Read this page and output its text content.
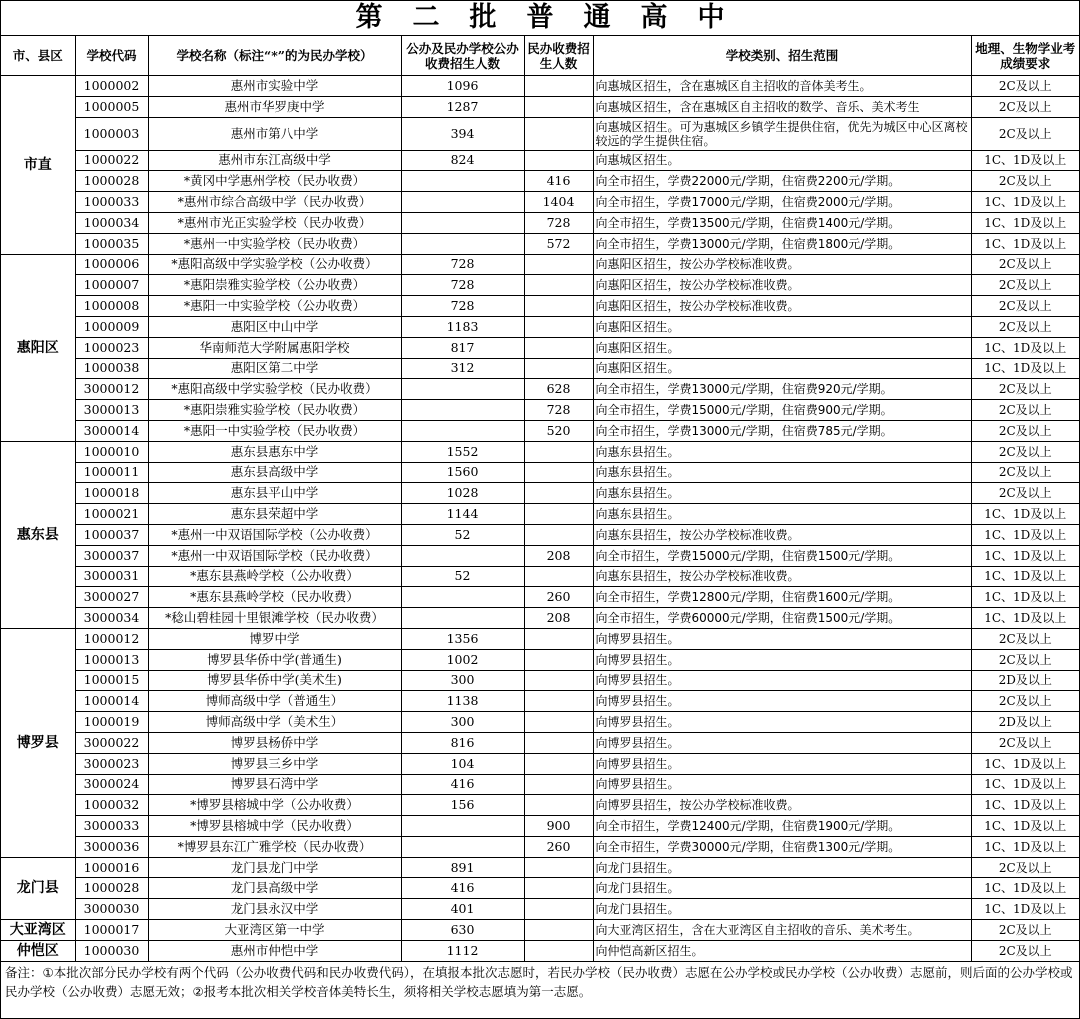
第二批普通高中
市、县区	学校代码	学校名称（标注“*”的为民办学校）	公办及民办学校公办收费招生人数	民办收费招生人数	学校类别、招生范围	地理、生物学业考成绩要求
市直	1000002	惠州市实验中学	1096		向惠城区招生，含在惠城区自主招收的音体美考生。	2C及以上
	1000005	惠州市华罗庚中学	1287		向惠城区招生，含在惠城区自主招收的数学、音乐、美术考生	2C及以上
	1000003	惠州市第八中学	394		向惠城区招生。可为惠城区乡镇学生提供住宿，优先为城区中心区离校较远的学生提供住宿。	2C及以上
	1000022	惠州市东江高级中学	824		向惠城区招生。	1C、1D及以上
	1000028	*黄冈中学惠州学校（民办收费）		416	向全市招生，学费22000元/学期，住宿费2200元/学期。	2C及以上
	1000033	*惠州市综合高级中学（民办收费）		1404	向全市招生，学费17000元/学期，住宿费2000元/学期。	1C、1D及以上
	1000034	*惠州市光正实验学校（民办收费）		728	向全市招生，学费13500元/学期，住宿费1400元/学期。	1C、1D及以上
	1000035	*惠州一中实验学校（民办收费）		572	向全市招生，学费13000元/学期，住宿费1800元/学期。	1C、1D及以上
惠阳区	1000006	*惠阳高级中学实验学校（公办收费）	728		向惠阳区招生，按公办学校标准收费。	2C及以上
	1000007	*惠阳崇雅实验学校（公办收费）	728		向惠阳区招生，按公办学校标准收费。	2C及以上
	1000008	*惠阳一中实验学校（公办收费）	728		向惠阳区招生，按公办学校标准收费。	2C及以上
	1000009	惠阳区中山中学	1183		向惠阳区招生。	2C及以上
	1000023	华南师范大学附属惠阳学校	817		向惠阳区招生。	1C、1D及以上
	1000038	惠阳区第二中学	312		向惠阳区招生。	1C、1D及以上
	3000012	*惠阳高级中学实验学校（民办收费）		628	向全市招生，学费13000元/学期，住宿费920元/学期。	2C及以上
	3000013	*惠阳崇雅实验学校（民办收费）		728	向全市招生，学费15000元/学期，住宿费900元/学期。	2C及以上
	3000014	*惠阳一中实验学校（民办收费）		520	向全市招生，学费13000元/学期，住宿费785元/学期。	2C及以上
惠东县	1000010	惠东县惠东中学	1552		向惠东县招生。	2C及以上
	1000011	惠东县高级中学	1560		向惠东县招生。	2C及以上
	1000018	惠东县平山中学	1028		向惠东县招生。	2C及以上
	1000021	惠东县荣超中学	1144		向惠东县招生。	1C、1D及以上
	1000037	*惠州一中双语国际学校（公办收费）	52		向惠东县招生，按公办学校标准收费。	1C、1D及以上
	3000037	*惠州一中双语国际学校（民办收费）		208	向全市招生，学费15000元/学期，住宿费1500元/学期。	1C、1D及以上
	3000031	*惠东县燕岭学校（公办收费）	52		向惠东县招生，按公办学校标准收费。	1C、1D及以上
	3000027	*惠东县燕岭学校（民办收费）		260	向全市招生，学费12800元/学期，住宿费1600元/学期。	1C、1D及以上
	3000034	*稔山碧桂园十里银滩学校（民办收费）		208	向全市招生，学费60000元/学期，住宿费1500元/学期。	1C、1D及以上
博罗县	1000012	博罗中学	1356		向博罗县招生。	2C及以上
	1000013	博罗县华侨中学(普通生)	1002		向博罗县招生。	2C及以上
	1000015	博罗县华侨中学(美术生)	300		向博罗县招生。	2D及以上
	1000014	博师高级中学（普通生）	1138		向博罗县招生。	2C及以上
	1000019	博师高级中学（美术生）	300		向博罗县招生。	2D及以上
	3000022	博罗县杨侨中学	816		向博罗县招生。	2C及以上
	3000023	博罗县三乡中学	104		向博罗县招生。	1C、1D及以上
	3000024	博罗县石湾中学	416		向博罗县招生。	1C、1D及以上
	1000032	*博罗县榕城中学（公办收费）	156		向博罗县招生，按公办学校标准收费。	1C、1D及以上
	3000033	*博罗县榕城中学（民办收费）		900	向全市招生，学费12400元/学期，住宿费1900元/学期。	1C、1D及以上
	3000036	*博罗县东江广雅学校（民办收费）		260	向全市招生，学费30000元/学期，住宿费1300元/学期。	1C、1D及以上
龙门县	1000016	龙门县龙门中学	891		向龙门县招生。	2C及以上
	1000028	龙门县高级中学	416		向龙门县招生。	1C、1D及以上
	3000030	龙门县永汉中学	401		向龙门县招生。	1C、1D及以上
大亚湾区	1000017	大亚湾区第一中学	630		向大亚湾区招生，含在大亚湾区自主招收的音乐、美术考生。	2C及以上
仲恺区	1000030	惠州市仲恺中学	1112		向仲恺高新区招生。	2C及以上
备注：①本批次部分民办学校有两个代码（公办收费代码和民办收费代码），在填报本批次志愿时，若民办学校（民办收费）志愿在公办学校或民办学校（公办收费）志愿前，则后面的公办学校或民办学校（公办收费）志愿无效；②报考本批次相关学校音体美特长生，须将相关学校志愿填为第一志愿。
